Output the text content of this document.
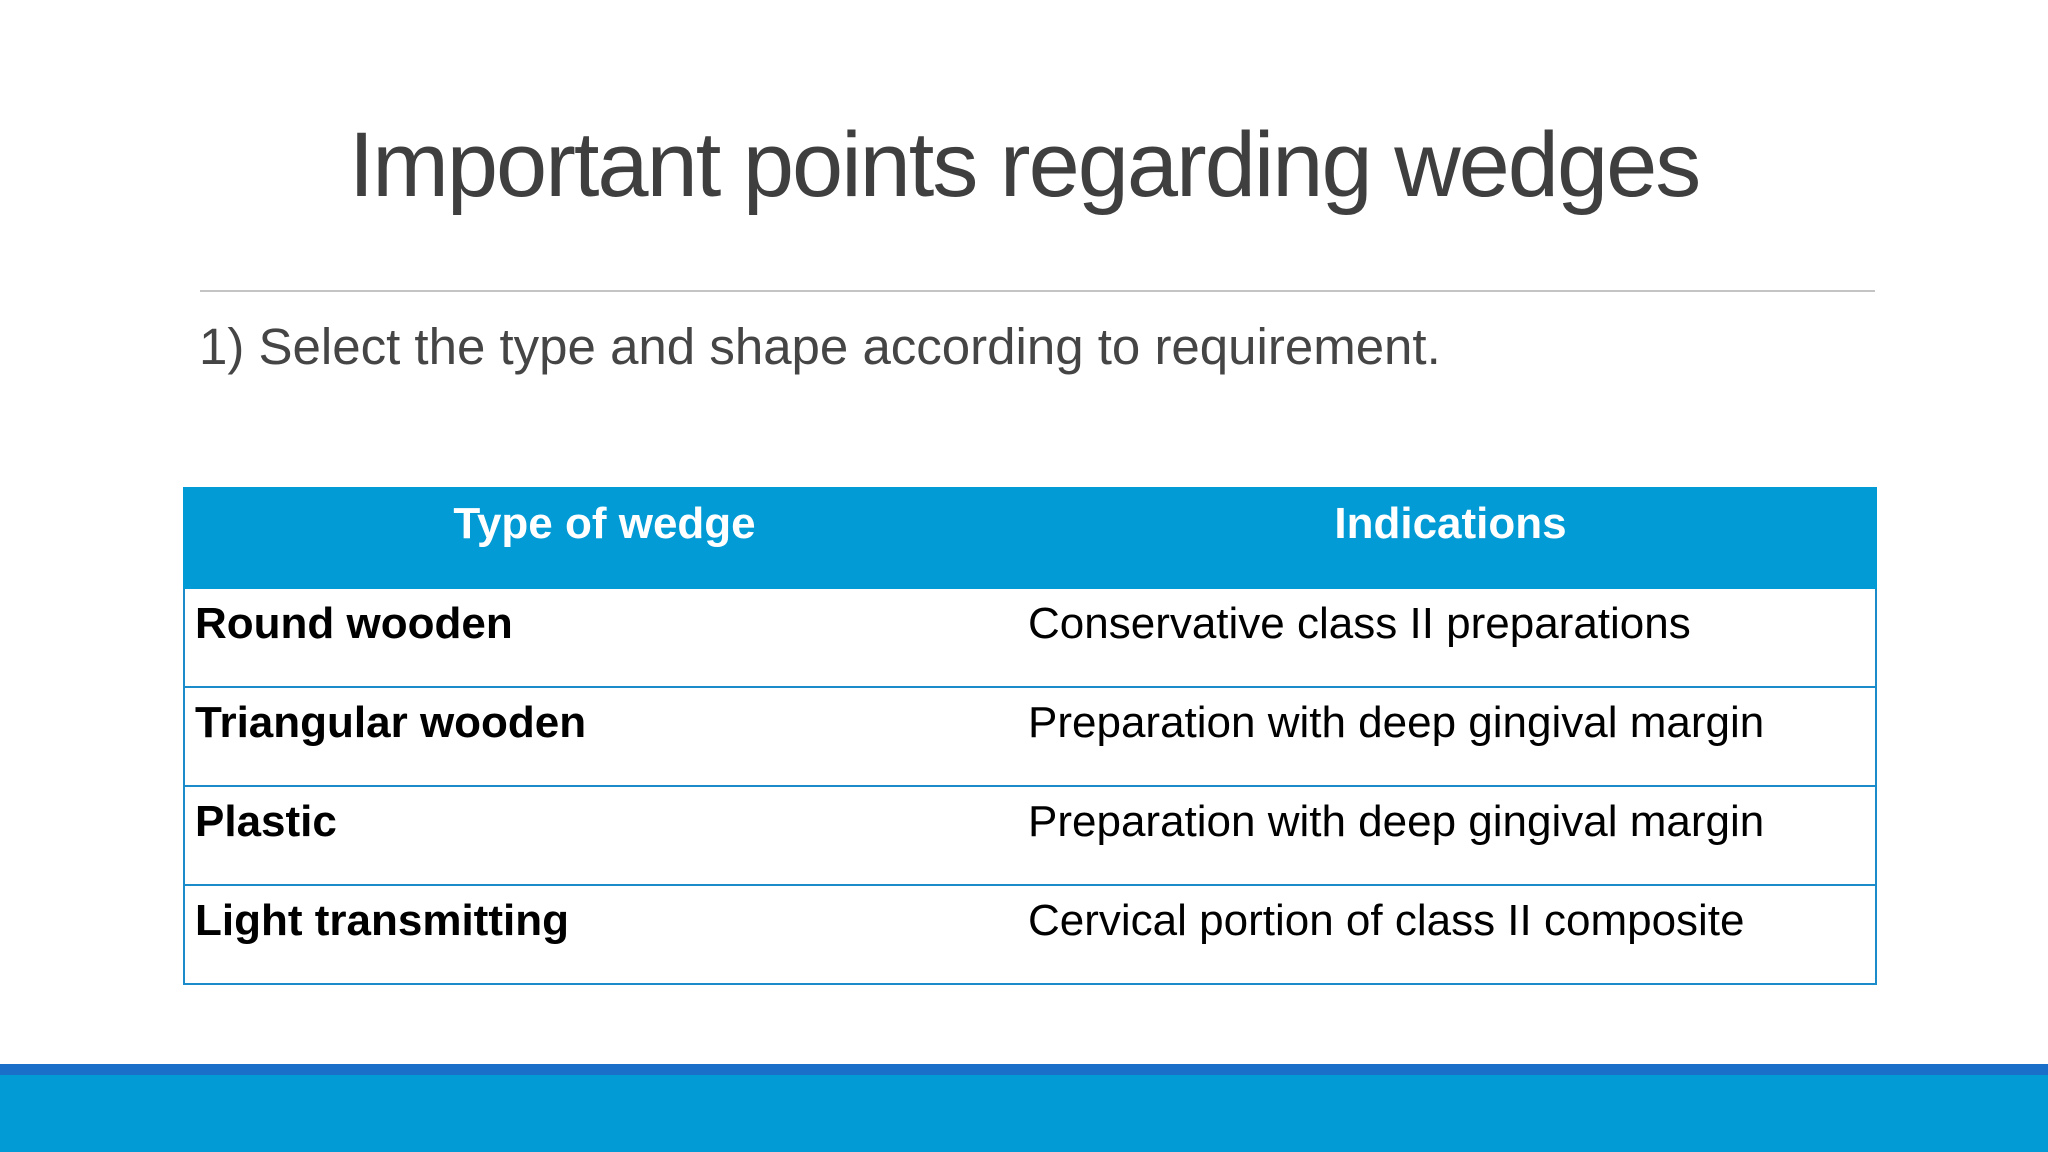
Important points regarding wedges
1) Select the type and shape according to requirement.
Type of wedge	Indications
Round wooden	Conservative class II preparations
Triangular wooden	Preparation with deep gingival margin
Plastic	Preparation with deep gingival margin
Light transmitting	Cervical portion of class II composite
